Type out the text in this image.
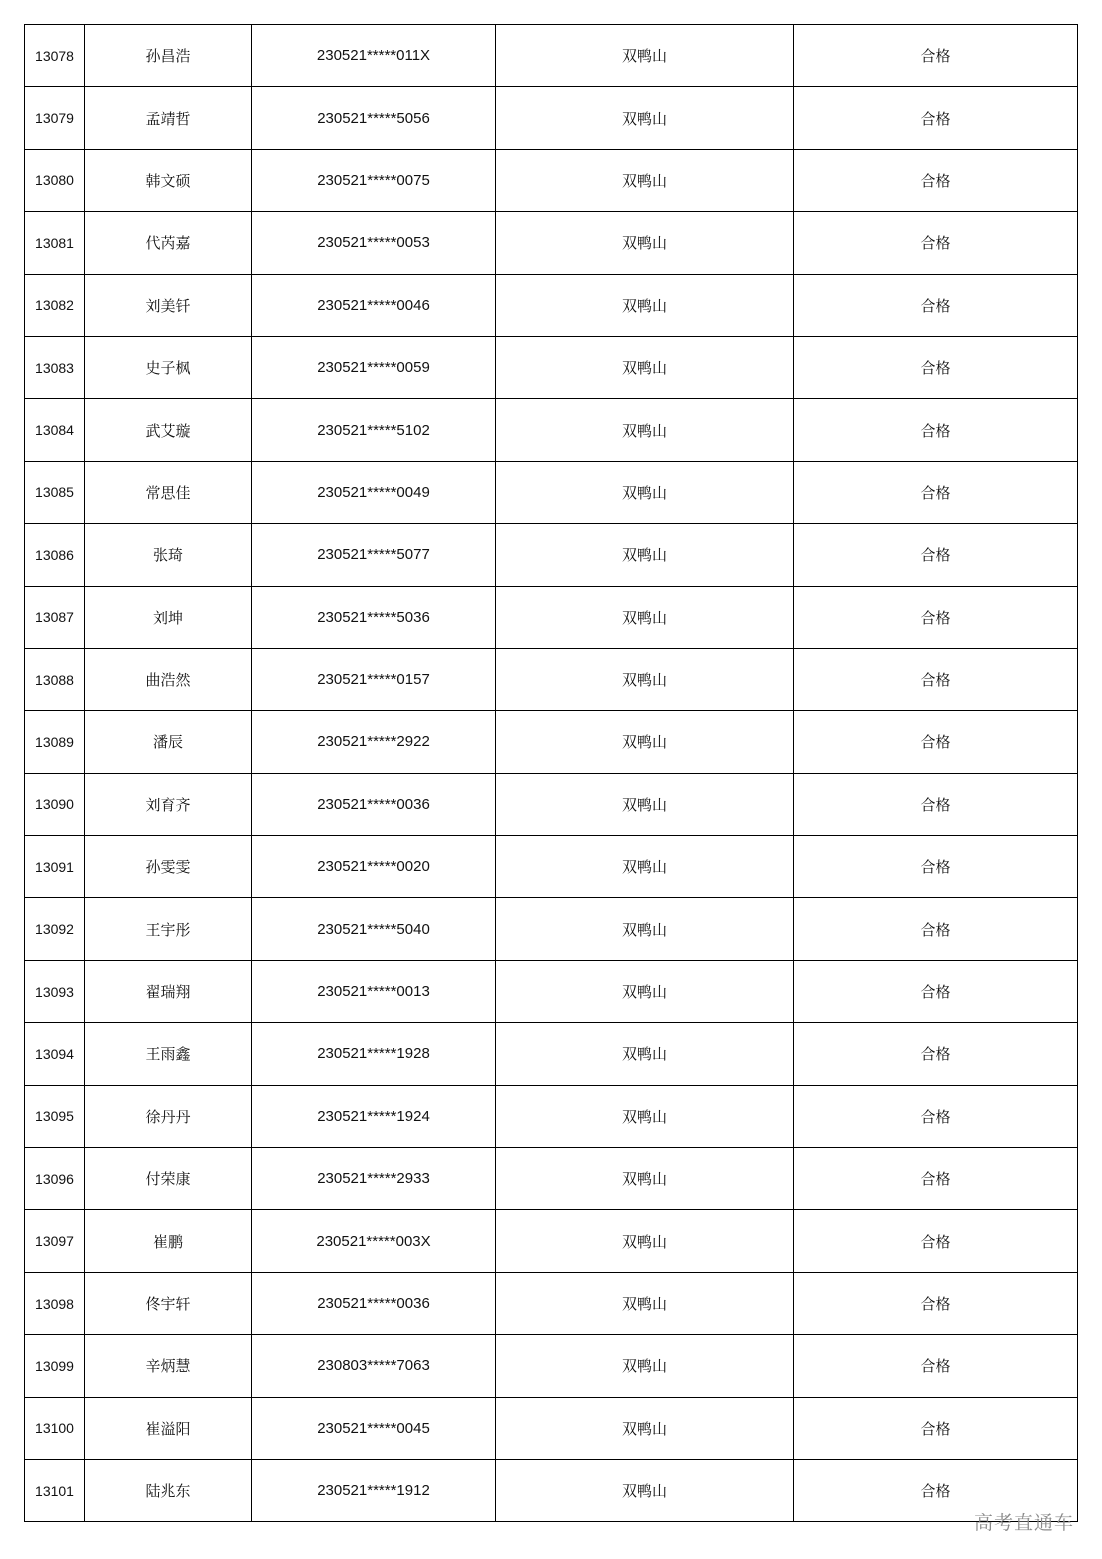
13078	孙昌浩	230521*****011X	双鸭山	合格
13079	孟靖哲	230521*****5056	双鸭山	合格
13080	韩文硕	230521*****0075	双鸭山	合格
13081	代芮嘉	230521*****0053	双鸭山	合格
13082	刘美钎	230521*****0046	双鸭山	合格
13083	史子枫	230521*****0059	双鸭山	合格
13084	武艾璇	230521*****5102	双鸭山	合格
13085	常思佳	230521*****0049	双鸭山	合格
13086	张琦	230521*****5077	双鸭山	合格
13087	刘坤	230521*****5036	双鸭山	合格
13088	曲浩然	230521*****0157	双鸭山	合格
13089	潘辰	230521*****2922	双鸭山	合格
13090	刘育齐	230521*****0036	双鸭山	合格
13091	孙雯雯	230521*****0020	双鸭山	合格
13092	王宇彤	230521*****5040	双鸭山	合格
13093	翟瑞翔	230521*****0013	双鸭山	合格
13094	王雨鑫	230521*****1928	双鸭山	合格
13095	徐丹丹	230521*****1924	双鸭山	合格
13096	付荣康	230521*****2933	双鸭山	合格
13097	崔鹏	230521*****003X	双鸭山	合格
13098	佟宇轩	230521*****0036	双鸭山	合格
13099	辛炳慧	230803*****7063	双鸭山	合格
13100	崔溢阳	230521*****0045	双鸭山	合格
13101	陆兆东	230521*****1912	双鸭山	合格
高考直通车
